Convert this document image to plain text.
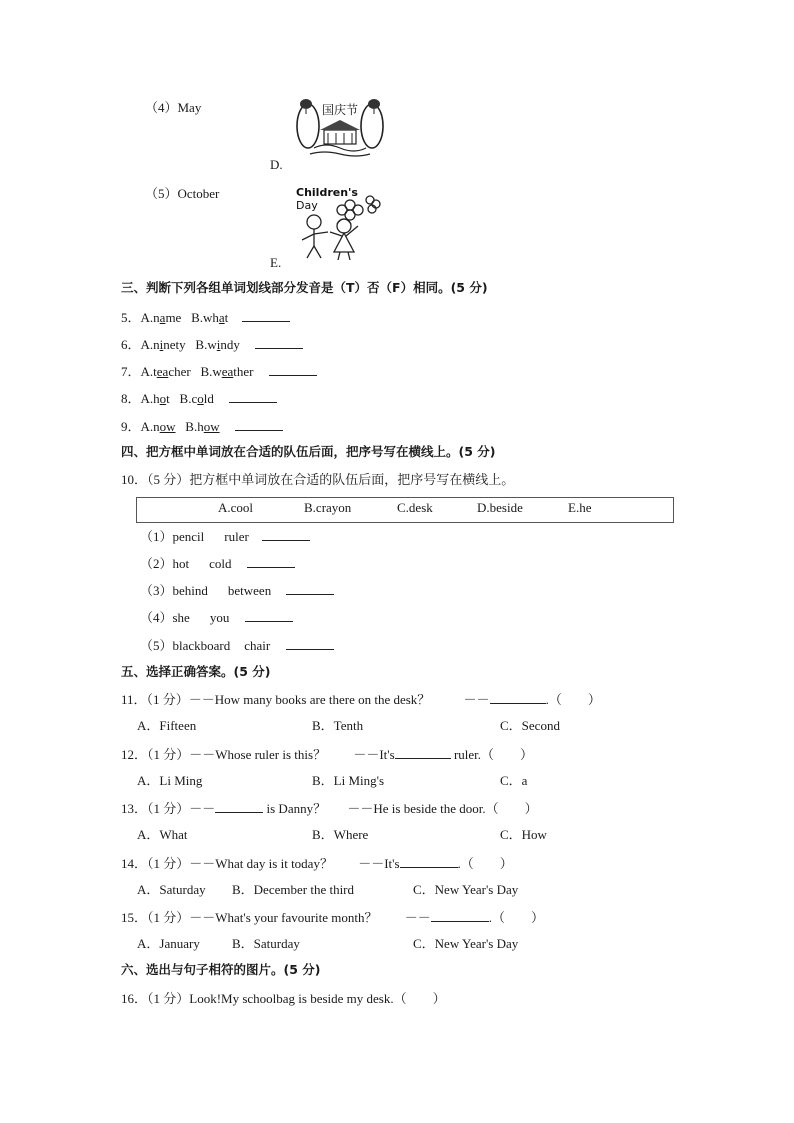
（4）May
D.
国庆节
（5）October
E.
Children's
Day
三、判断下列各组单词划线部分发音是（T）否（F）相同。(5 分)
5．A.name B.what
6．A.ninety B.windy
7．A.teacher B.weather
8．A.hot B.cold
9．A.now B.how
四、把方框中单词放在合适的队伍后面，把序号写在横线上。(5 分)
10．（5 分）把方框中单词放在合适的队伍后面，把序号写在横线上。
A.cool	B.crayon	C.desk	D.beside	E.he
（1）pencil ruler
（2）hot cold
（3）behind between
（4）she you
（5）blackboard chair
五、选择正确答案。(5 分)
11．（1 分）－－How many books are there on the desk？	－－	.（　　）
A．Fifteen	B．Tenth	C．Second
12．（1 分）－－Whose ruler is this？ －－It's	ruler.（　　）
A．Li Ming	B．Li Ming's	C．a
13．（1 分）－－	is Danny？ －－He is beside the door.（　　）
A．What	B．Where	C．How
14．（1 分）－－What day is it today？ －－It's	.（　　）
A．Saturday B．December the third	C．New Year's Day
15．（1 分）－－What's your favourite month？ －－	.（　　）
A．January B．Saturday	C．New Year's Day
六、选出与句子相符的图片。(5 分)
16．（1 分）Look!My schoolbag is beside my desk.（　　）
